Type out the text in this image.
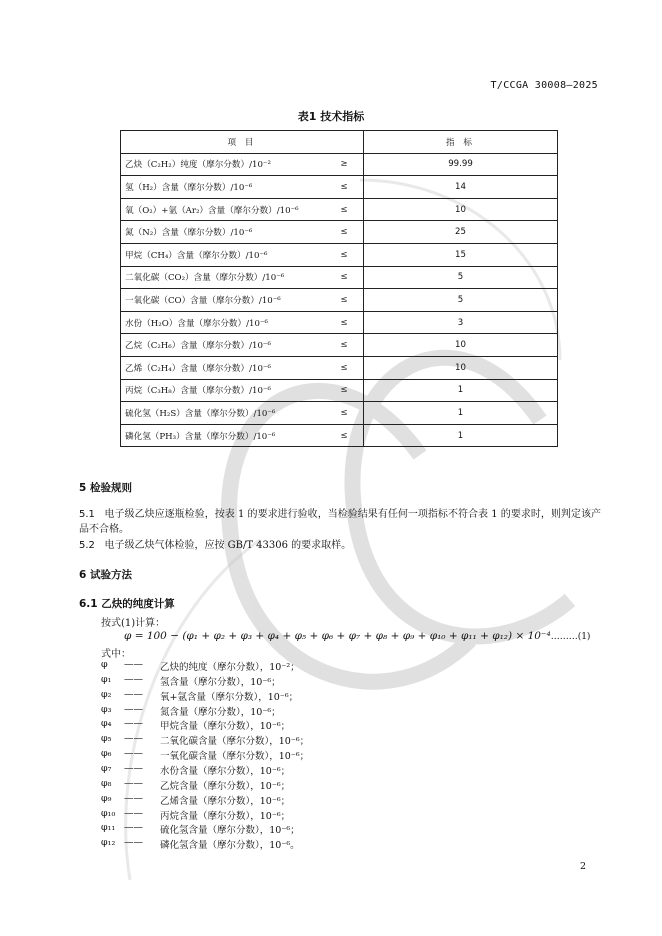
T/CCGA 30008—2025
表1 技术指标
项 目		指 标
乙炔（C₂H₂）纯度（摩尔分数）/10⁻²	≥	99.99
氢（H₂）含量（摩尔分数）/10⁻⁶	≤	14
氧（O₂）+氩（Ar₂）含量（摩尔分数）/10⁻⁶	≤	10
氮（N₂）含量（摩尔分数）/10⁻⁶	≤	25
甲烷（CH₄）含量（摩尔分数）/10⁻⁶	≤	15
二氧化碳（CO₂）含量（摩尔分数）/10⁻⁶	≤	5
一氧化碳（CO）含量（摩尔分数）/10⁻⁶	≤	5
水份（H₂O）含量（摩尔分数）/10⁻⁶	≤	3
乙烷（C₂H₆）含量（摩尔分数）/10⁻⁶	≤	10
乙烯（C₂H₄）含量（摩尔分数）/10⁻⁶	≤	10
丙烷（C₃H₈）含量（摩尔分数）/10⁻⁶	≤	1
硫化氢（H₂S）含量（摩尔分数）/10⁻⁶	≤	1
磷化氢（PH₃）含量（摩尔分数）/10⁻⁶	≤	1
5 检验规则
5.1 电子级乙炔应逐瓶检验，按表 1 的要求进行验收，当检验结果有任何一项指标不符合表 1 的要求时，则判定该产品不合格。
5.2 电子级乙炔气体检验，应按 GB/T 43306 的要求取样。
6 试验方法
6.1 乙炔的纯度计算
按式(1)计算：
φ = 100 − (φ₁ + φ₂ + φ₃ + φ₄ + φ₅ + φ₆ + φ₇ + φ₈ + φ₉ + φ₁₀ + φ₁₁ + φ₁₂) × 10⁻⁴………(1)
式中：
φ —— 乙炔的纯度（摩尔分数），10⁻²；
φ₁ —— 氢含量（摩尔分数），10⁻⁶；
φ₂ —— 氧+氩含量（摩尔分数），10⁻⁶；
φ₃ —— 氮含量（摩尔分数），10⁻⁶；
φ₄ —— 甲烷含量（摩尔分数），10⁻⁶；
φ₅ —— 二氧化碳含量（摩尔分数），10⁻⁶；
φ₆ —— 一氧化碳含量（摩尔分数），10⁻⁶；
φ₇ —— 水份含量（摩尔分数），10⁻⁶；
φ₈ —— 乙烷含量（摩尔分数），10⁻⁶；
φ₉ —— 乙烯含量（摩尔分数），10⁻⁶；
φ₁₀ —— 丙烷含量（摩尔分数），10⁻⁶；
φ₁₁ —— 硫化氢含量（摩尔分数），10⁻⁶；
φ₁₂ —— 磷化氢含量（摩尔分数），10⁻⁶。
2
